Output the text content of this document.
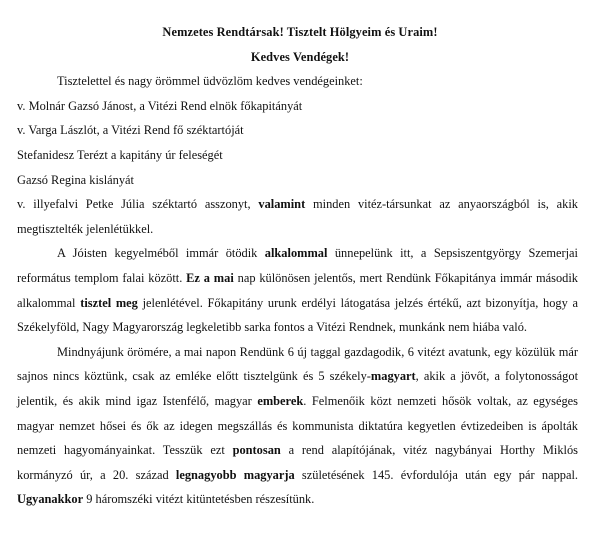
Nemzetes Rendtársak! Tisztelt Hölgyeim és Uraim!

Kedves Vendégek!

Tisztelettel és nagy örömmel üdvözlöm kedves vendégeinket:

v. Molnár Gazsó Jánost, a Vitézi Rend elnök főkapitányát

v. Varga Lászlót, a Vitézi Rend fő széktartóját

Stefanidesz Terézt a kapitány úr feleségét

Gazsó Regina kislányát

v. illyefalvi Petke Júlia széktartó asszonyt, valamint minden vitéz-társunkat az anyaországból is, akik megtisztelték jelenlétükkel.

A Jóisten kegyelméből immár ötödik alkalommal ünnepelünk itt, a Sepsiszentgyörgy Szemerjai református templom falai között. Ez a mai nap különösen jelentős, mert Rendünk Főkapitánya immár második alkalommal tisztel meg jelenlétével. Főkapitány urunk erdélyi látogatása jelzés értékű, azt bizonyítja, hogy a Székelyföld, Nagy Magyarország legkeletibb sarka fontos a Vitézi Rendnek, munkánk nem hiába való.

Mindnyájunk örömére, a mai napon Rendünk 6 új taggal gazdagodik, 6 vitézt avatunk, egy közülük már sajnos nincs köztünk, csak az emléke előtt tisztelgünk és 5 székely-magyart, akik a jövőt, a folytonosságot jelentik, és akik mind igaz Istenfélő, magyar emberek. Felmenőik közt nemzeti hősök voltak, az egységes magyar nemzet hősei és ők az idegen megszállás és kommunista diktatúra kegyetlen évtizedeiben is ápolták nemzeti hagyományainkat. Tesszük ezt pontosan a rend alapítójának, vitéz nagybányai Horthy Miklós kormányzó úr, a 20. század legnagyobb magyarja születésének 145. évfordulója után egy pár nappal. Ugyanakkor 9 háromszéki vitézt kitüntetésben részesítünk.
